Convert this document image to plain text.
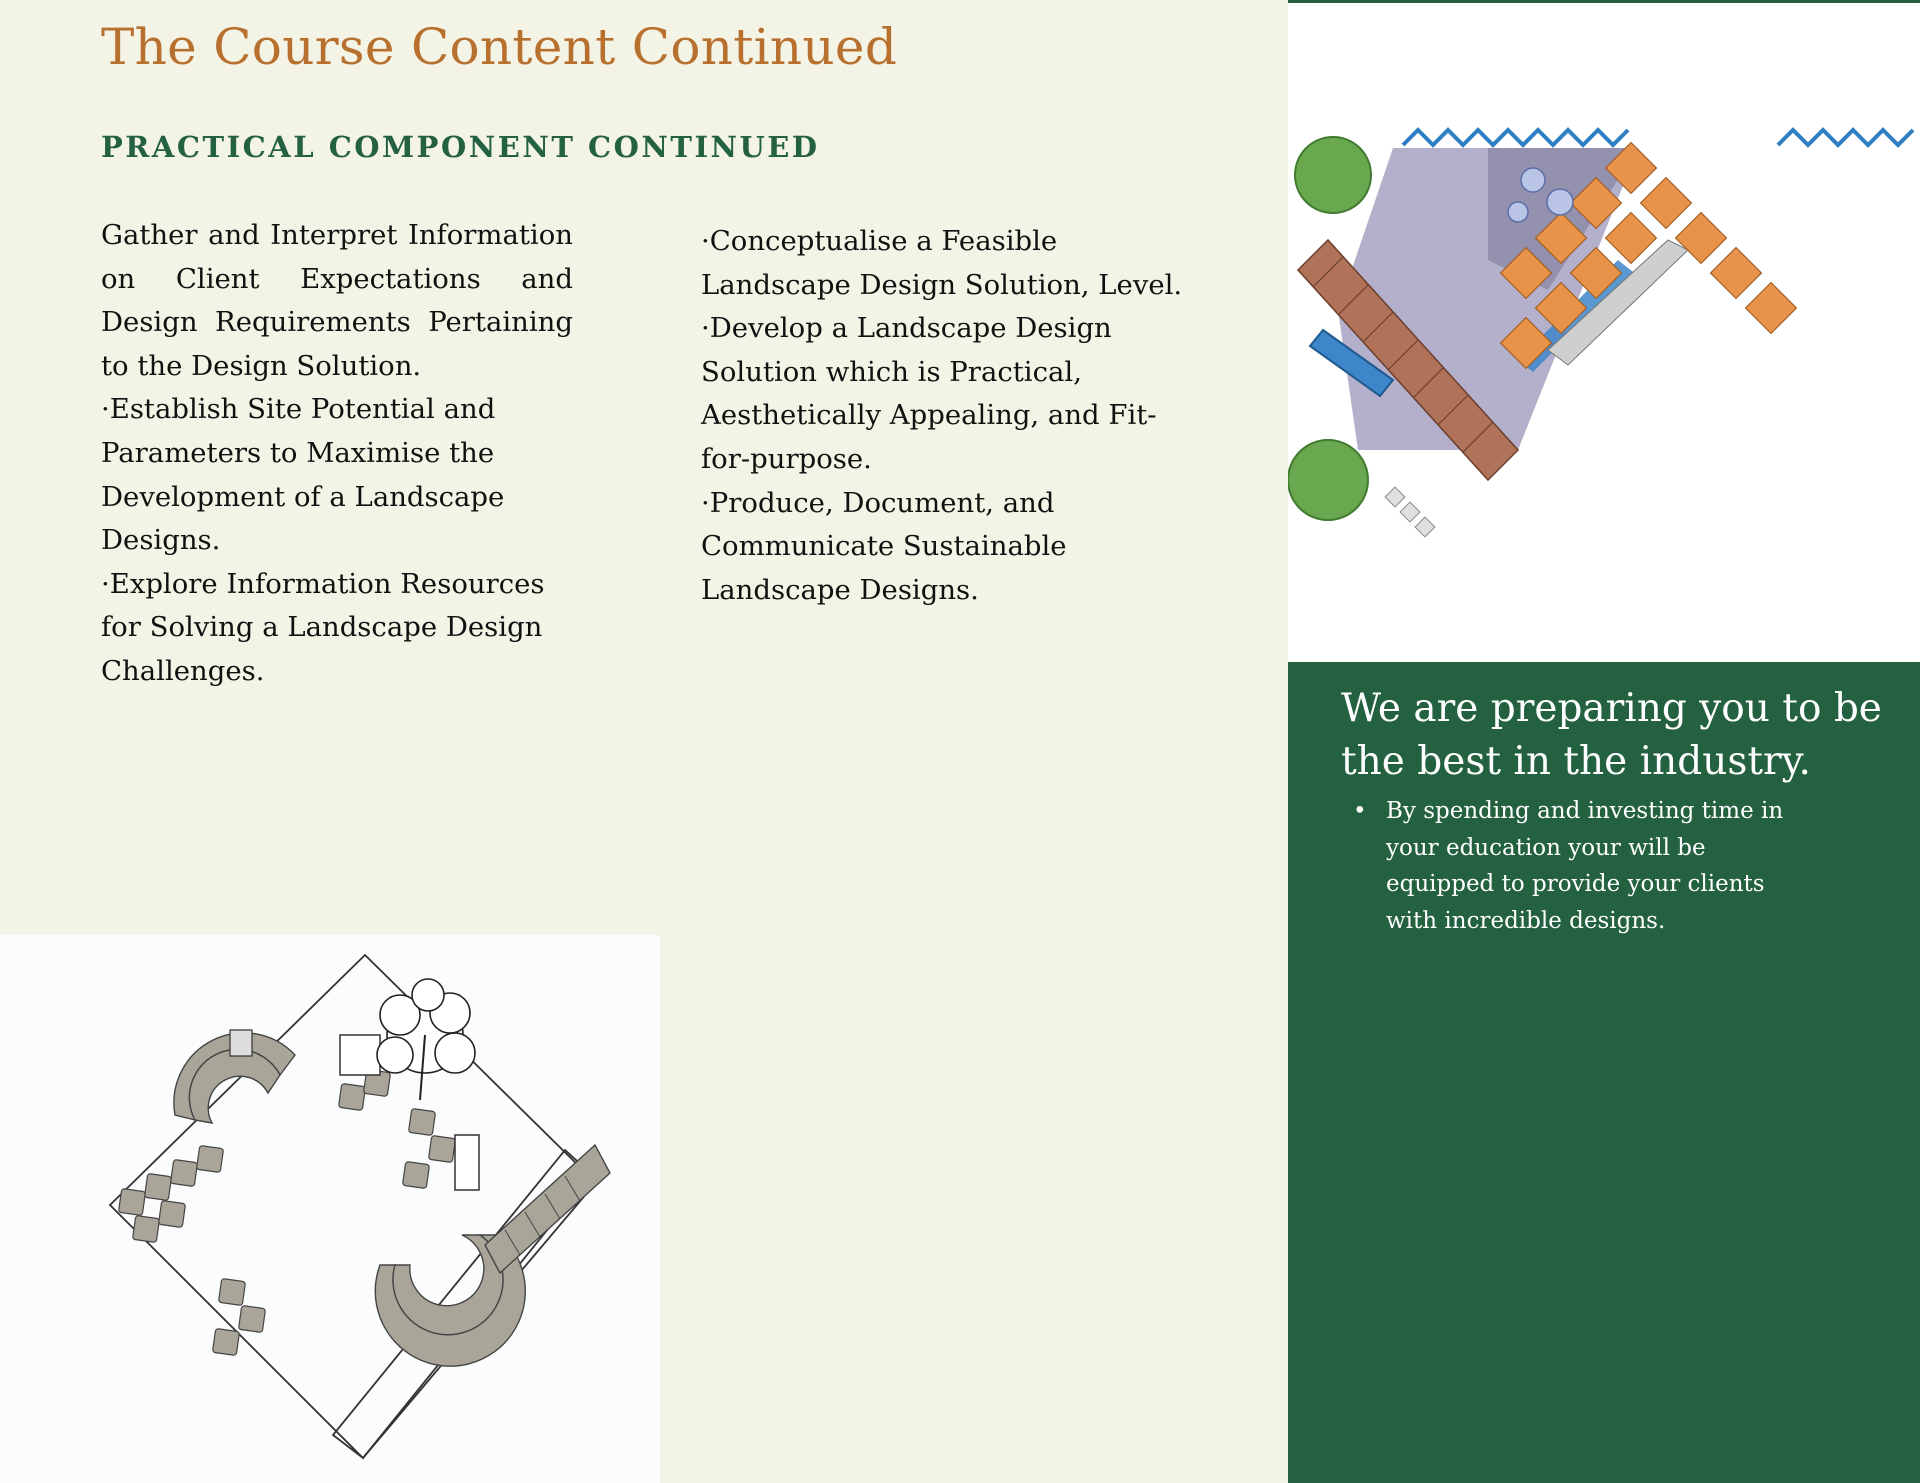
The Course Content Continued
PRACTICAL COMPONENT CONTINUED

Gather and Interpret Information on Client Expectations and Design Requirements Pertaining to the Design Solution.

·Establish Site Potential and Parameters to Maximise the Development of a Landscape Designs.

·Explore Information Resources for Solving a Landscape Design Challenges.

·Conceptualise a Feasible Landscape Design Solution, Level.

·Develop a Landscape Design Solution which is Practical, Aesthetically Appealing, and Fit-for-purpose.

·Produce, Document, and Communicate Sustainable Landscape Designs.

We are preparing you to be the best in the industry.
• By spending and investing time in your education your will be equipped to provide your clients with incredible designs.
